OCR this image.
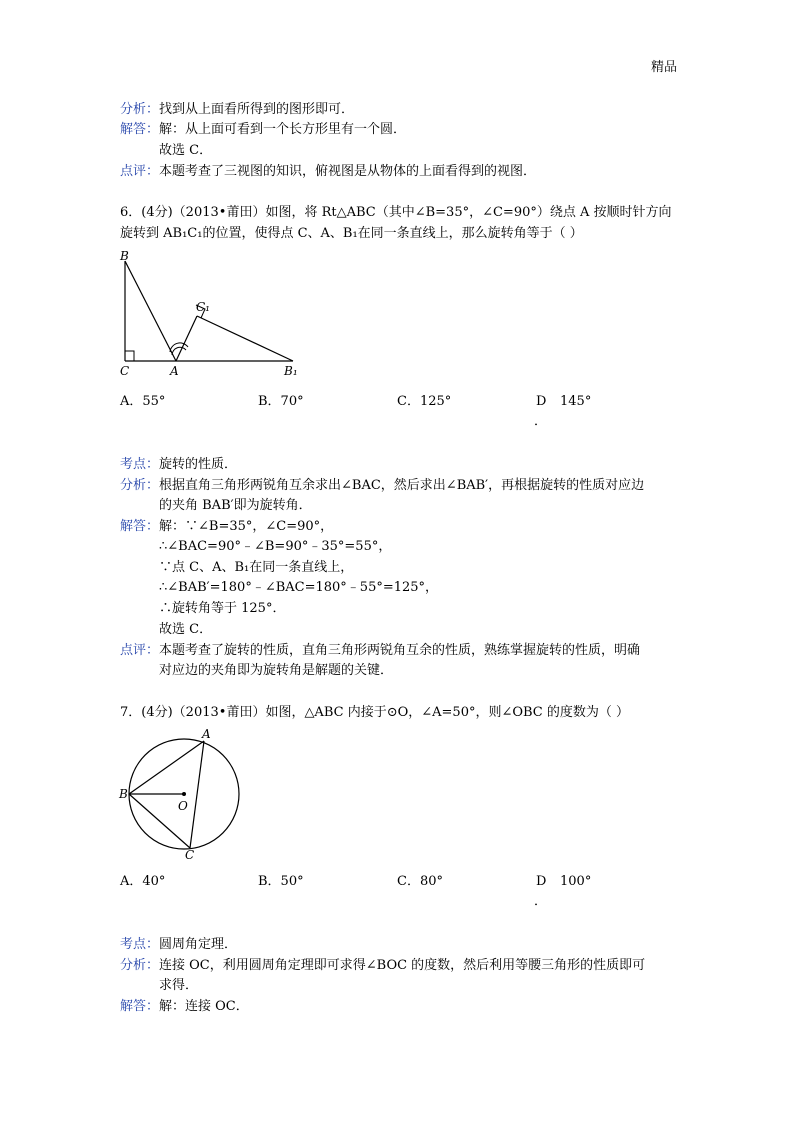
精品
分析：找到从上面看所得到的图形即可．
解答：解：从上面可看到一个长方形里有一个圆．
故选 C．
点评：本题考查了三视图的知识，俯视图是从物体的上面看得到的视图．
6．(4分)（2013•莆田）如图，将 Rt△ABC（其中∠B=35°，∠C=90°）绕点 A 按顺时针方向
旋转到 AB₁C₁的位置，使得点 C、A、B₁在同一条直线上，那么旋转角等于（ ）
B
C₁
C	A	B₁
A．55°	B．70°	C．125°	D 145°
．
考点：旋转的性质．
分析：根据直角三角形两锐角互余求出∠BAC，然后求出∠BAB′，再根据旋转的性质对应边
的夹角 BAB′即为旋转角．
解答：解：∵∠B=35°，∠C=90°，
∴∠BAC=90°﹣∠B=90°﹣35°=55°，
∵点 C、A、B₁在同一条直线上，
∴∠BAB′=180°﹣∠BAC=180°﹣55°=125°，
∴旋转角等于 125°．
故选 C．
点评：本题考查了旋转的性质，直角三角形两锐角互余的性质，熟练掌握旋转的性质，明确
对应边的夹角即为旋转角是解题的关键．
7．(4分)（2013•莆田）如图，△ABC 内接于⊙O，∠A=50°，则∠OBC 的度数为（ ）
A
B
O
C
A．40°	B．50°	C．80°	D 100°
．
考点：圆周角定理．
分析：连接 OC，利用圆周角定理即可求得∠BOC 的度数，然后利用等腰三角形的性质即可
求得．
解答：解：连接 OC．
